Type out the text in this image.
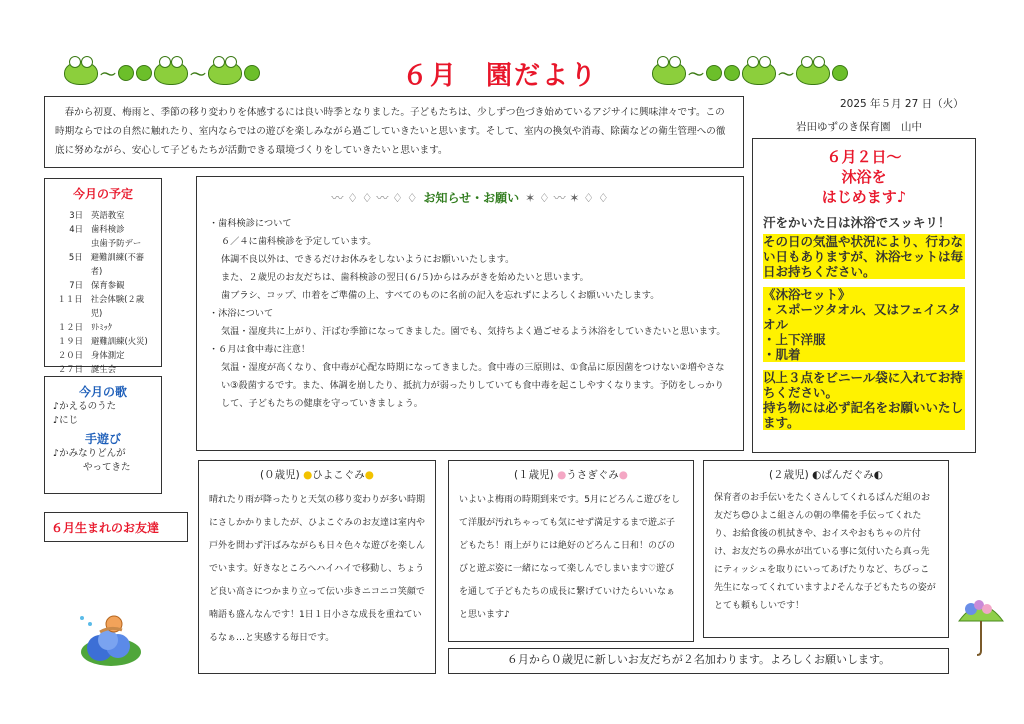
〜	〜	６月　園だより	〜	〜

　春から初夏、梅雨と、季節の移り変わりを体感するには良い時季となりました。子どもたちは、少しずつ色づき始めているアジサイに興味津々です。この時期ならではの自然に触れたり、室内ならではの遊びを楽しみながら過ごしていきたいと思います。そして、室内の換気や消毒、除菌などの衛生管理への徹底に努めながら、安心して子どもたちが活動できる環境づくりをしていきたいと思います。

2025 年５月 27 日（火）
岩田ゆずのき保育園　山中
今月の予定
3日 英語教室
4日 歯科検診
虫歯予防デー
5日 避難訓練(不審者)
7日 保育参観
１１日 社会体験(２歳児)
１２日 ﾘﾄﾐｯｸ
１９日 避難訓練(火災)
２０日 身体測定
２７日 誕生会
今月の歌

♪かえるのうた

♪にじ

手遊び

♪かみなりどんが

やってきた

６月生まれのお友達
〰 ♢ ♢ 〰 ♢ ♢ お知らせ・お願い ✶ ♢ 〰 ✶ ♢ ♢

・歯科検診について

６／４に歯科検診を予定しています。

体調不良以外は、できるだけお休みをしないようにお願いいたします。

また、２歳児のお友だちは、歯科検診の翌日(６/５)からはみがきを始めたいと思います。

歯ブラシ、コップ、巾着をご準備の上、すべてのものに名前の記入を忘れずによろしくお願いいたします。

・沐浴について

気温・湿度共に上がり、汗ばむ季節になってきました。園でも、気持ちよく過ごせるよう沐浴をしていきたいと思います。

・６月は食中毒に注意！

気温・湿度が高くなり、食中毒が心配な時期になってきました。食中毒の三原則は、①食品に原因菌をつけない②増やさない③殺菌するです。また、体調を崩したり、抵抗力が弱ったりしていても食中毒を起こしやすくなります。予防をしっかりして、子どもたちの健康を守っていきましょう。

６月２日～
沐浴を
はじめます♪

汗をかいた日は沐浴でスッキリ！

その日の気温や状況により、行わない日もありますが、沐浴セットは毎日お持ちください。

《沐浴セット》

・スポーツタオル、又はフェイスタオル

・上下洋服

・肌着

以上３点をビニール袋に入れてお持ちください。

持ち物には必ず記名をお願いいたします。

(０歳児) ●ひよこぐみ●

晴れたり雨が降ったりと天気の移り変わりが多い時期にさしかかりましたが、ひよこぐみのお友達は室内や戸外を問わず汗ばみながらも日々色々な遊びを楽しんでいます。好きなところへハイハイで移動し、ちょうど良い高さにつかまり立って伝い歩きニコニコ笑顔で喃語も盛んなんです！1日１日小さな成長を重ねているなぁ…と実感する毎日です。

(１歳児) ●うさぎぐみ●

いよいよ梅雨の時期到来です。5月にどろんこ遊びをして洋服が汚れちゃっても気にせず満足するまで遊ぶ子どもたち！雨上がりには絶好のどろんこ日和！のびのびと遊ぶ姿に一緒になって楽しんでしまいます♡遊びを通して子どもたちの成長に繋げていけたらいいなぁと思います♪

(２歳児) ◐ぱんだぐみ◐

保育者のお手伝いをたくさんしてくれるぱんだ組のお友だち😊ひよこ組さんの朝の準備を手伝ってくれたり、お給食後の机拭きや、おイスやおもちゃの片付け、お友だちの鼻水が出ている事に気付いたら真っ先にティッシュを取りにいってあげたりなど、ちびっこ先生になってくれていますよ♪そんな子どもたちの姿がとても頼もしいです！

６月から０歳児に新しいお友だちが２名加わります。よろしくお願いします。
